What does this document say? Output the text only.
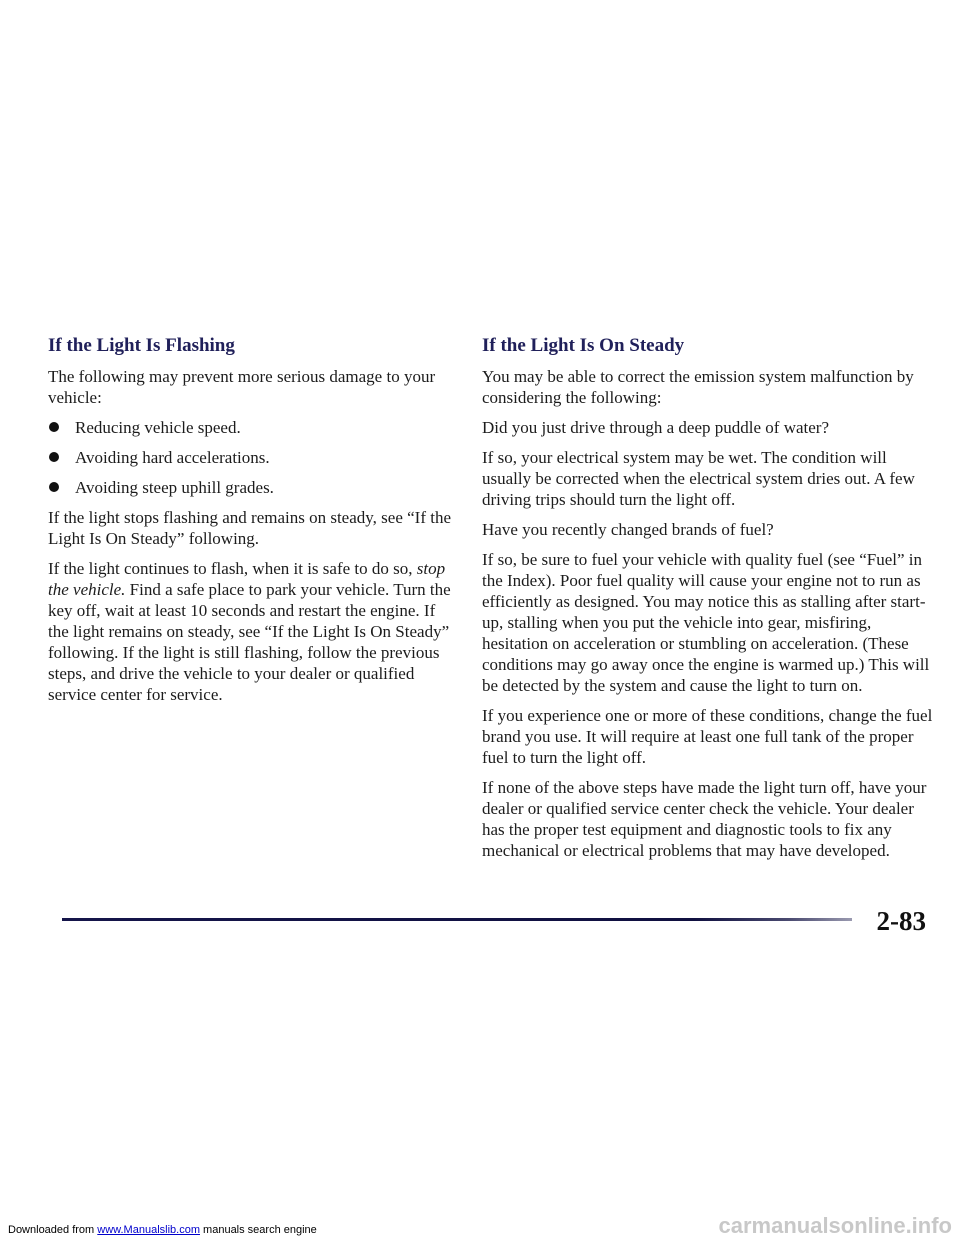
If the Light Is Flashing

The following may prevent more serious damage to your vehicle:

Reducing vehicle speed.
Avoiding hard accelerations.
Avoiding steep uphill grades.

If the light stops flashing and remains on steady, see “If the Light Is On Steady” following.

If the light continues to flash, when it is safe to do so, stop the vehicle. Find a safe place to park your vehicle. Turn the key off, wait at least 10 seconds and restart the engine. If the light remains on steady, see “If the Light Is On Steady” following. If the light is still flashing, follow the previous steps, and drive the vehicle to your dealer or qualified service center for service.

If the Light Is On Steady

You may be able to correct the emission system malfunction by considering the following:

Did you just drive through a deep puddle of water?

If so, your electrical system may be wet. The condition will usually be corrected when the electrical system dries out. A few driving trips should turn the light off.

Have you recently changed brands of fuel?

If so, be sure to fuel your vehicle with quality fuel (see “Fuel” in the Index). Poor fuel quality will cause your engine not to run as efficiently as designed. You may notice this as stalling after start-up, stalling when you put the vehicle into gear, misfiring, hesitation on acceleration or stumbling on acceleration. (These conditions may go away once the engine is warmed up.) This will be detected by the system and cause the light to turn on.

If you experience one or more of these conditions, change the fuel brand you use. It will require at least one full tank of the proper fuel to turn the light off.

If none of the above steps have made the light turn off, have your dealer or qualified service center check the vehicle. Your dealer has the proper test equipment and diagnostic tools to fix any mechanical or electrical problems that may have developed.

2-83
Downloaded from www.Manualslib.com manuals search engine	carmanualsonline.info
